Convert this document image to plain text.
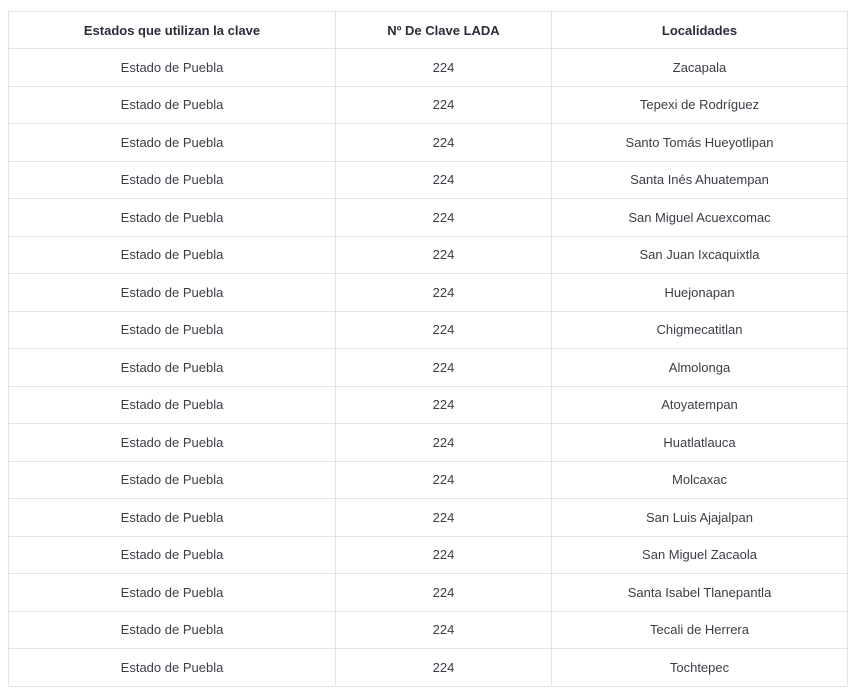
Estados que utilizan la clave	Nº De Clave LADA	Localidades
Estado de Puebla	224	Zacapala
Estado de Puebla	224	Tepexi de Rodríguez
Estado de Puebla	224	Santo Tomás Hueyotlipan
Estado de Puebla	224	Santa Inés Ahuatempan
Estado de Puebla	224	San Miguel Acuexcomac
Estado de Puebla	224	San Juan Ixcaquixtla
Estado de Puebla	224	Huejonapan
Estado de Puebla	224	Chigmecatitlan
Estado de Puebla	224	Almolonga
Estado de Puebla	224	Atoyatempan
Estado de Puebla	224	Huatlatlauca
Estado de Puebla	224	Molcaxac
Estado de Puebla	224	San Luis Ajajalpan
Estado de Puebla	224	San Miguel Zacaola
Estado de Puebla	224	Santa Isabel Tlanepantla
Estado de Puebla	224	Tecali de Herrera
Estado de Puebla	224	Tochtepec
